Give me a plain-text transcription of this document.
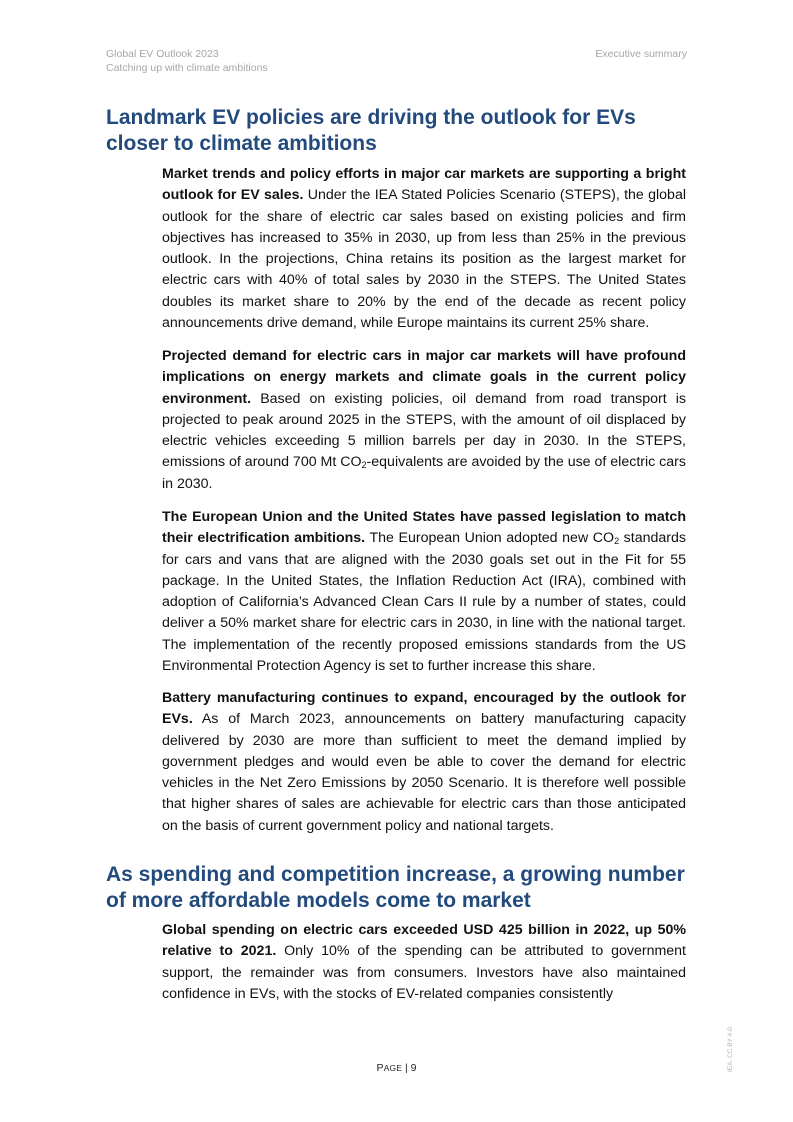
Global EV Outlook 2023
Catching up with climate ambitions
Executive summary
Landmark EV policies are driving the outlook for EVs closer to climate ambitions

Market trends and policy efforts in major car markets are supporting a bright outlook for EV sales. Under the IEA Stated Policies Scenario (STEPS), the global outlook for the share of electric car sales based on existing policies and firm objectives has increased to 35% in 2030, up from less than 25% in the previous outlook. In the projections, China retains its position as the largest market for electric cars with 40% of total sales by 2030 in the STEPS. The United States doubles its market share to 20% by the end of the decade as recent policy announcements drive demand, while Europe maintains its current 25% share.

Projected demand for electric cars in major car markets will have profound implications on energy markets and climate goals in the current policy environment. Based on existing policies, oil demand from road transport is projected to peak around 2025 in the STEPS, with the amount of oil displaced by electric vehicles exceeding 5 million barrels per day in 2030. In the STEPS, emissions of around 700 Mt $CO_2$-equivalents are avoided by the use of electric cars in 2030.

The European Union and the United States have passed legislation to match their electrification ambitions. The European Union adopted new $CO_2$ standards for cars and vans that are aligned with the 2030 goals set out in the Fit for 55 package. In the United States, the Inflation Reduction Act (IRA), combined with adoption of California’s Advanced Clean Cars II rule by a number of states, could deliver a 50% market share for electric cars in 2030, in line with the national target. The implementation of the recently proposed emissions standards from the US Environmental Protection Agency is set to further increase this share.

Battery manufacturing continues to expand, encouraged by the outlook for EVs. As of March 2023, announcements on battery manufacturing capacity delivered by 2030 are more than sufficient to meet the demand implied by government pledges and would even be able to cover the demand for electric vehicles in the Net Zero Emissions by 2050 Scenario. It is therefore well possible that higher shares of sales are achievable for electric cars than those anticipated on the basis of current government policy and national targets.

As spending and competition increase, a growing number of more affordable models come to market

Global spending on electric cars exceeded USD 425 billion in 2022, up 50% relative to 2021. Only 10% of the spending can be attributed to government support, the remainder was from consumers. Investors have also maintained confidence in EVs, with the stocks of EV-related companies consistently

PAGE | 9	IEA. CC BY 4.0.
